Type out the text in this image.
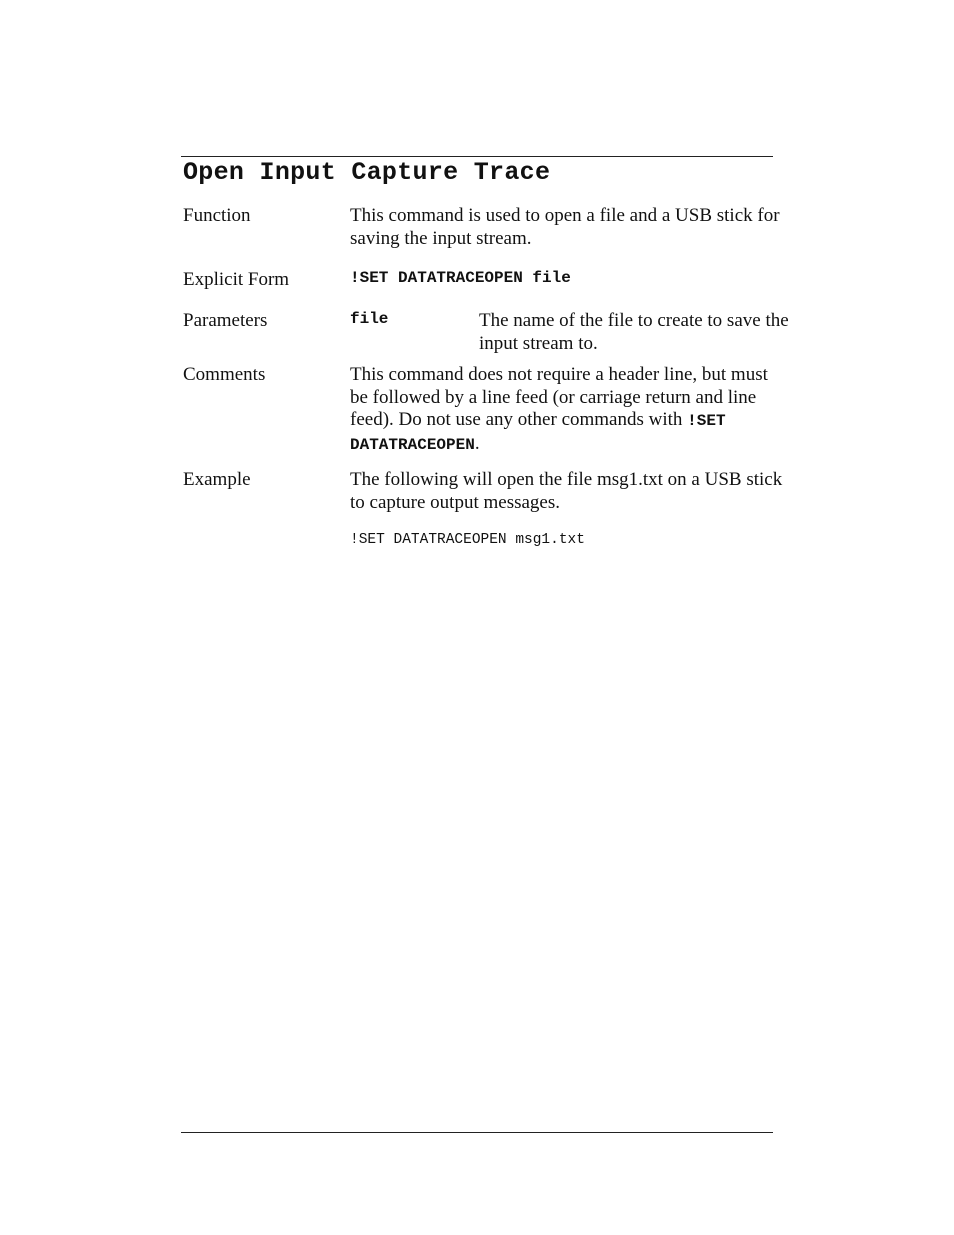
Open Input Capture Trace
Function	This command is used to open a file and a USB stick for saving the input stream.
Explicit Form	!SET DATATRACEOPEN file
Parameters	file	The name of the file to create to save the input stream to.
Comments	This command does not require a header line, but must be followed by a line feed (or carriage return and line feed). Do not use any other commands with !SET DATATRACEOPEN.
Example	The following will open the file msg1.txt on a USB stick to capture output messages.
!SET DATATRACEOPEN msg1.txt
